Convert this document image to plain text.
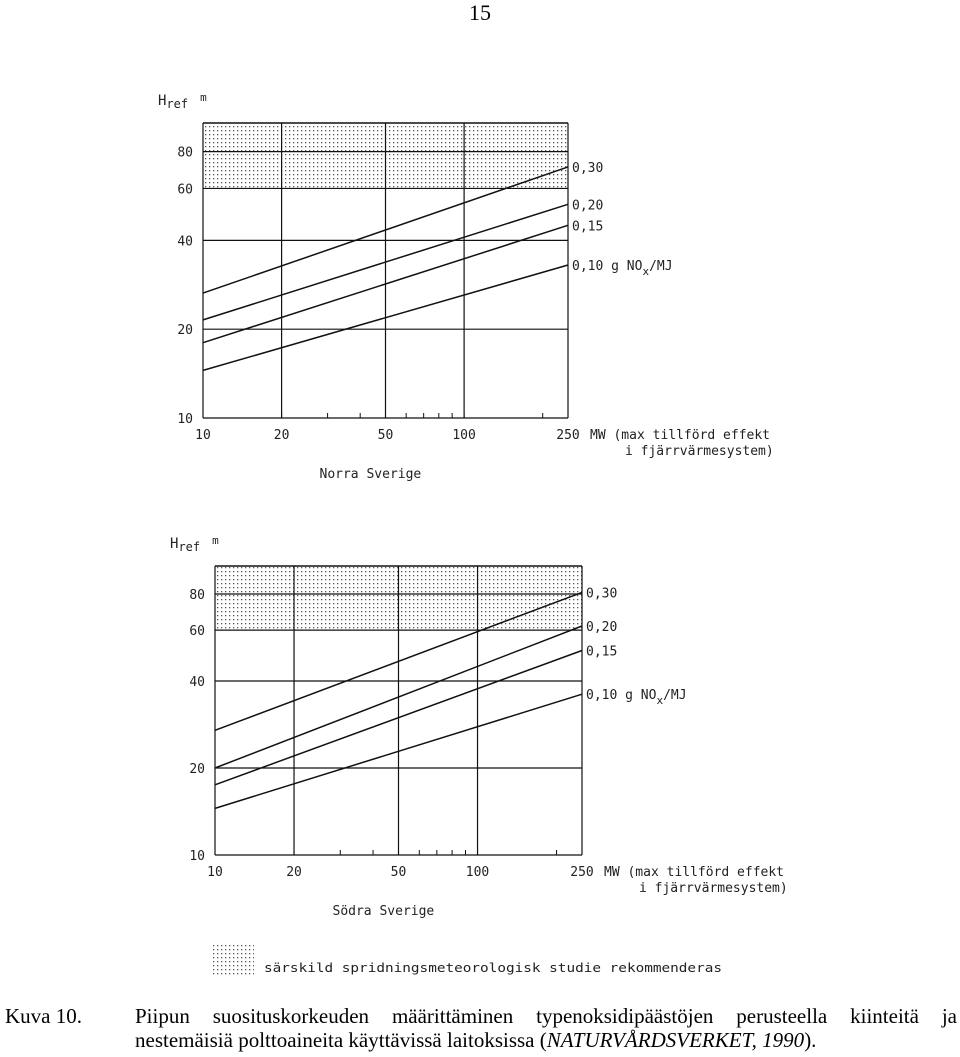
15
10
20
40
60
80
10	20	50	100	250
Href $^m$
0,30
0,20
0,15
0,10 g $NO_x/MJ$
MW (max tillförd effekt
i fjärrvärmesystem)
Norra Sverige
10
20
40
60
80
10	20	50	100	250
Href $^m$
0,30
0,20
0,15
0,10 g $NO_x/MJ$
MW (max tillförd effekt
i fjärrvärmesystem)
Södra Sverige
särskild spridningsmeteorologisk studie rekommenderas
Kuva 10.	Piipun suosituskorkeuden määrittäminen typenoksidipäästöjen perusteella kiinteitä ja
nestemäisiä polttoaineita käyttävissä laitoksissa (NATURVÅRDSVERKET, 1990).
